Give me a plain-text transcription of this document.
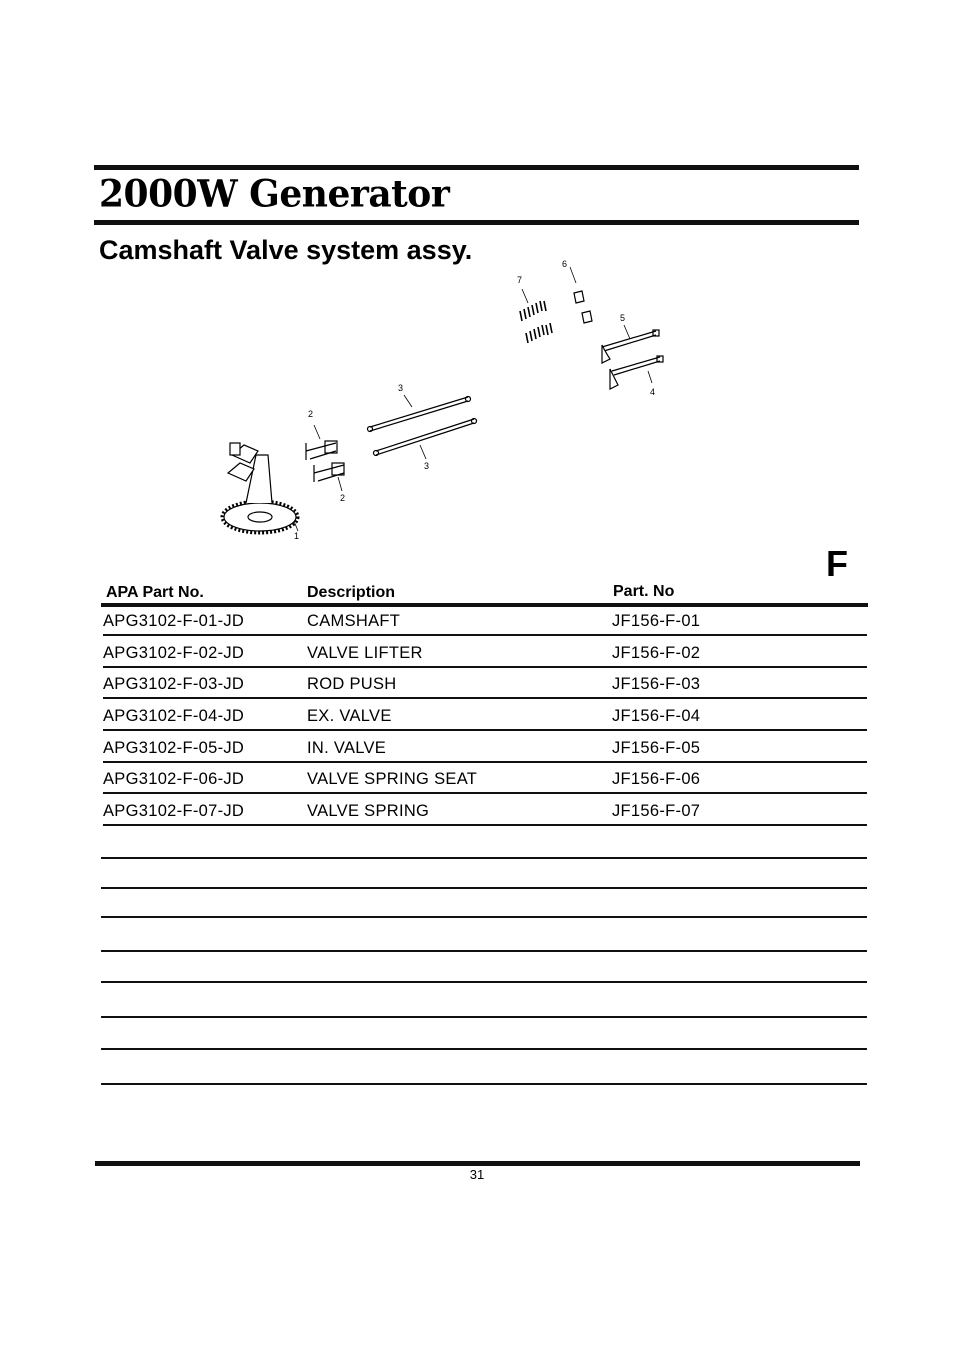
2000W Generator
Camshaft Valve system assy.
1
2
2
3
3
4
5
6
7
F
APA Part No.	Description	Part. No
APG3102-F-01-JD	CAMSHAFT	JF156-F-01
APG3102-F-02-JD	VALVE LIFTER	JF156-F-02
APG3102-F-03-JD	ROD PUSH	JF156-F-03
APG3102-F-04-JD	EX. VALVE	JF156-F-04
APG3102-F-05-JD	IN. VALVE	JF156-F-05
APG3102-F-06-JD	VALVE SPRING SEAT	JF156-F-06
APG3102-F-07-JD	VALVE SPRING	JF156-F-07
31
